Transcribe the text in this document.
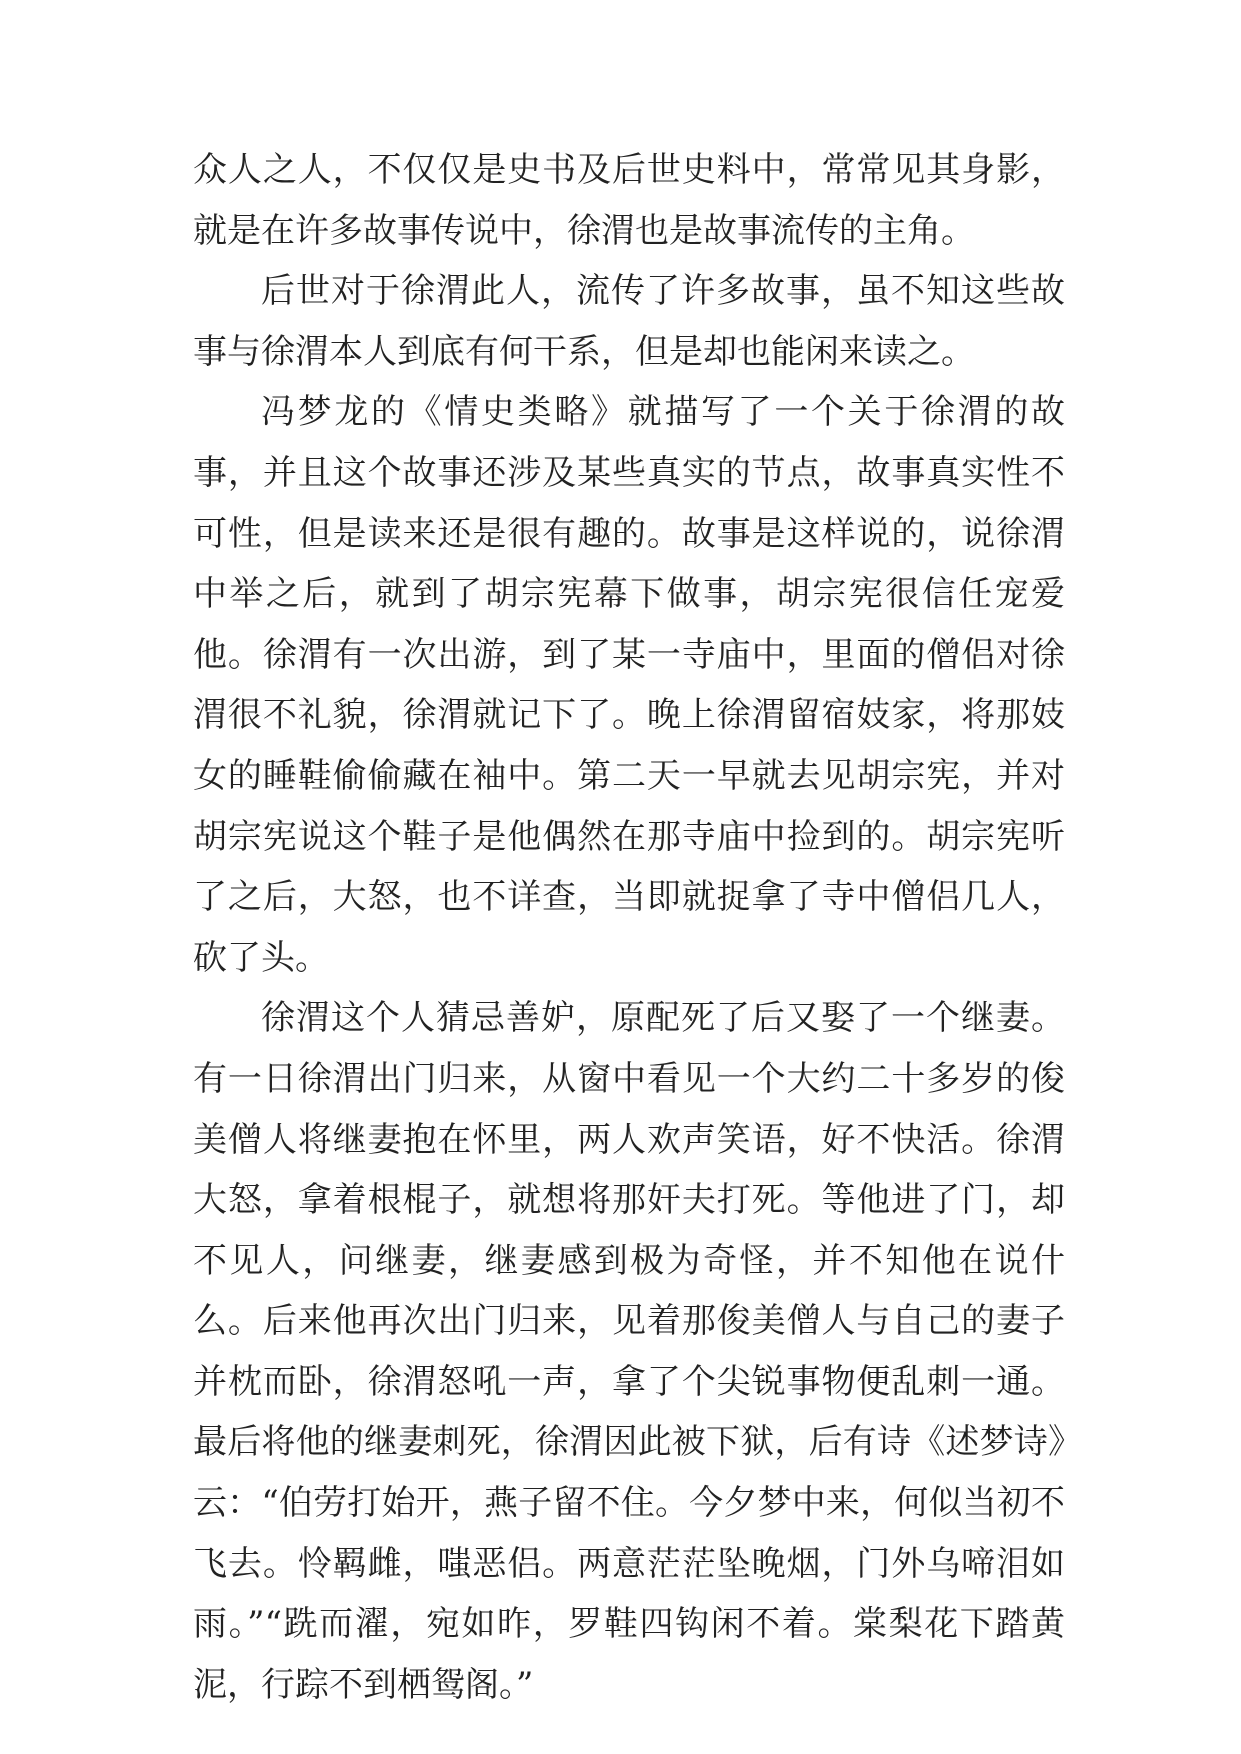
众人之人，不仅仅是史书及后世史料中，常常见其身影，就是在许多故事传说中，徐渭也是故事流传的主角。

后世对于徐渭此人，流传了许多故事，虽不知这些故事与徐渭本人到底有何干系，但是却也能闲来读之。

冯梦龙的《情史类略》就描写了一个关于徐渭的故事，并且这个故事还涉及某些真实的节点，故事真实性不可性，但是读来还是很有趣的。故事是这样说的，说徐渭中举之后，就到了胡宗宪幕下做事，胡宗宪很信任宠爱他。徐渭有一次出游，到了某一寺庙中，里面的僧侣对徐渭很不礼貌，徐渭就记下了。晚上徐渭留宿妓家，将那妓女的睡鞋偷偷藏在袖中。第二天一早就去见胡宗宪，并对胡宗宪说这个鞋子是他偶然在那寺庙中捡到的。胡宗宪听了之后，大怒，也不详查，当即就捉拿了寺中僧侣几人，砍了头。

徐渭这个人猜忌善妒，原配死了后又娶了一个继妻。有一日徐渭出门归来，从窗中看见一个大约二十多岁的俊美僧人将继妻抱在怀里，两人欢声笑语，好不快活。徐渭大怒，拿着根棍子，就想将那奸夫打死。等他进了门，却不见人，问继妻，继妻感到极为奇怪，并不知他在说什么。后来他再次出门归来，见着那俊美僧人与自己的妻子并枕而卧，徐渭怒吼一声，拿了个尖锐事物便乱刺一通。最后将他的继妻刺死，徐渭因此被下狱，后有诗《述梦诗》云：“伯劳打始开，燕子留不住。今夕梦中来，何似当初不飞去。怜羁雌，嗤恶侣。两意茫茫坠晚烟，门外乌啼泪如雨。”“跣而濯，宛如昨，罗鞋四钩闲不着。棠梨花下踏黄泥，行踪不到栖鸳阁。”
